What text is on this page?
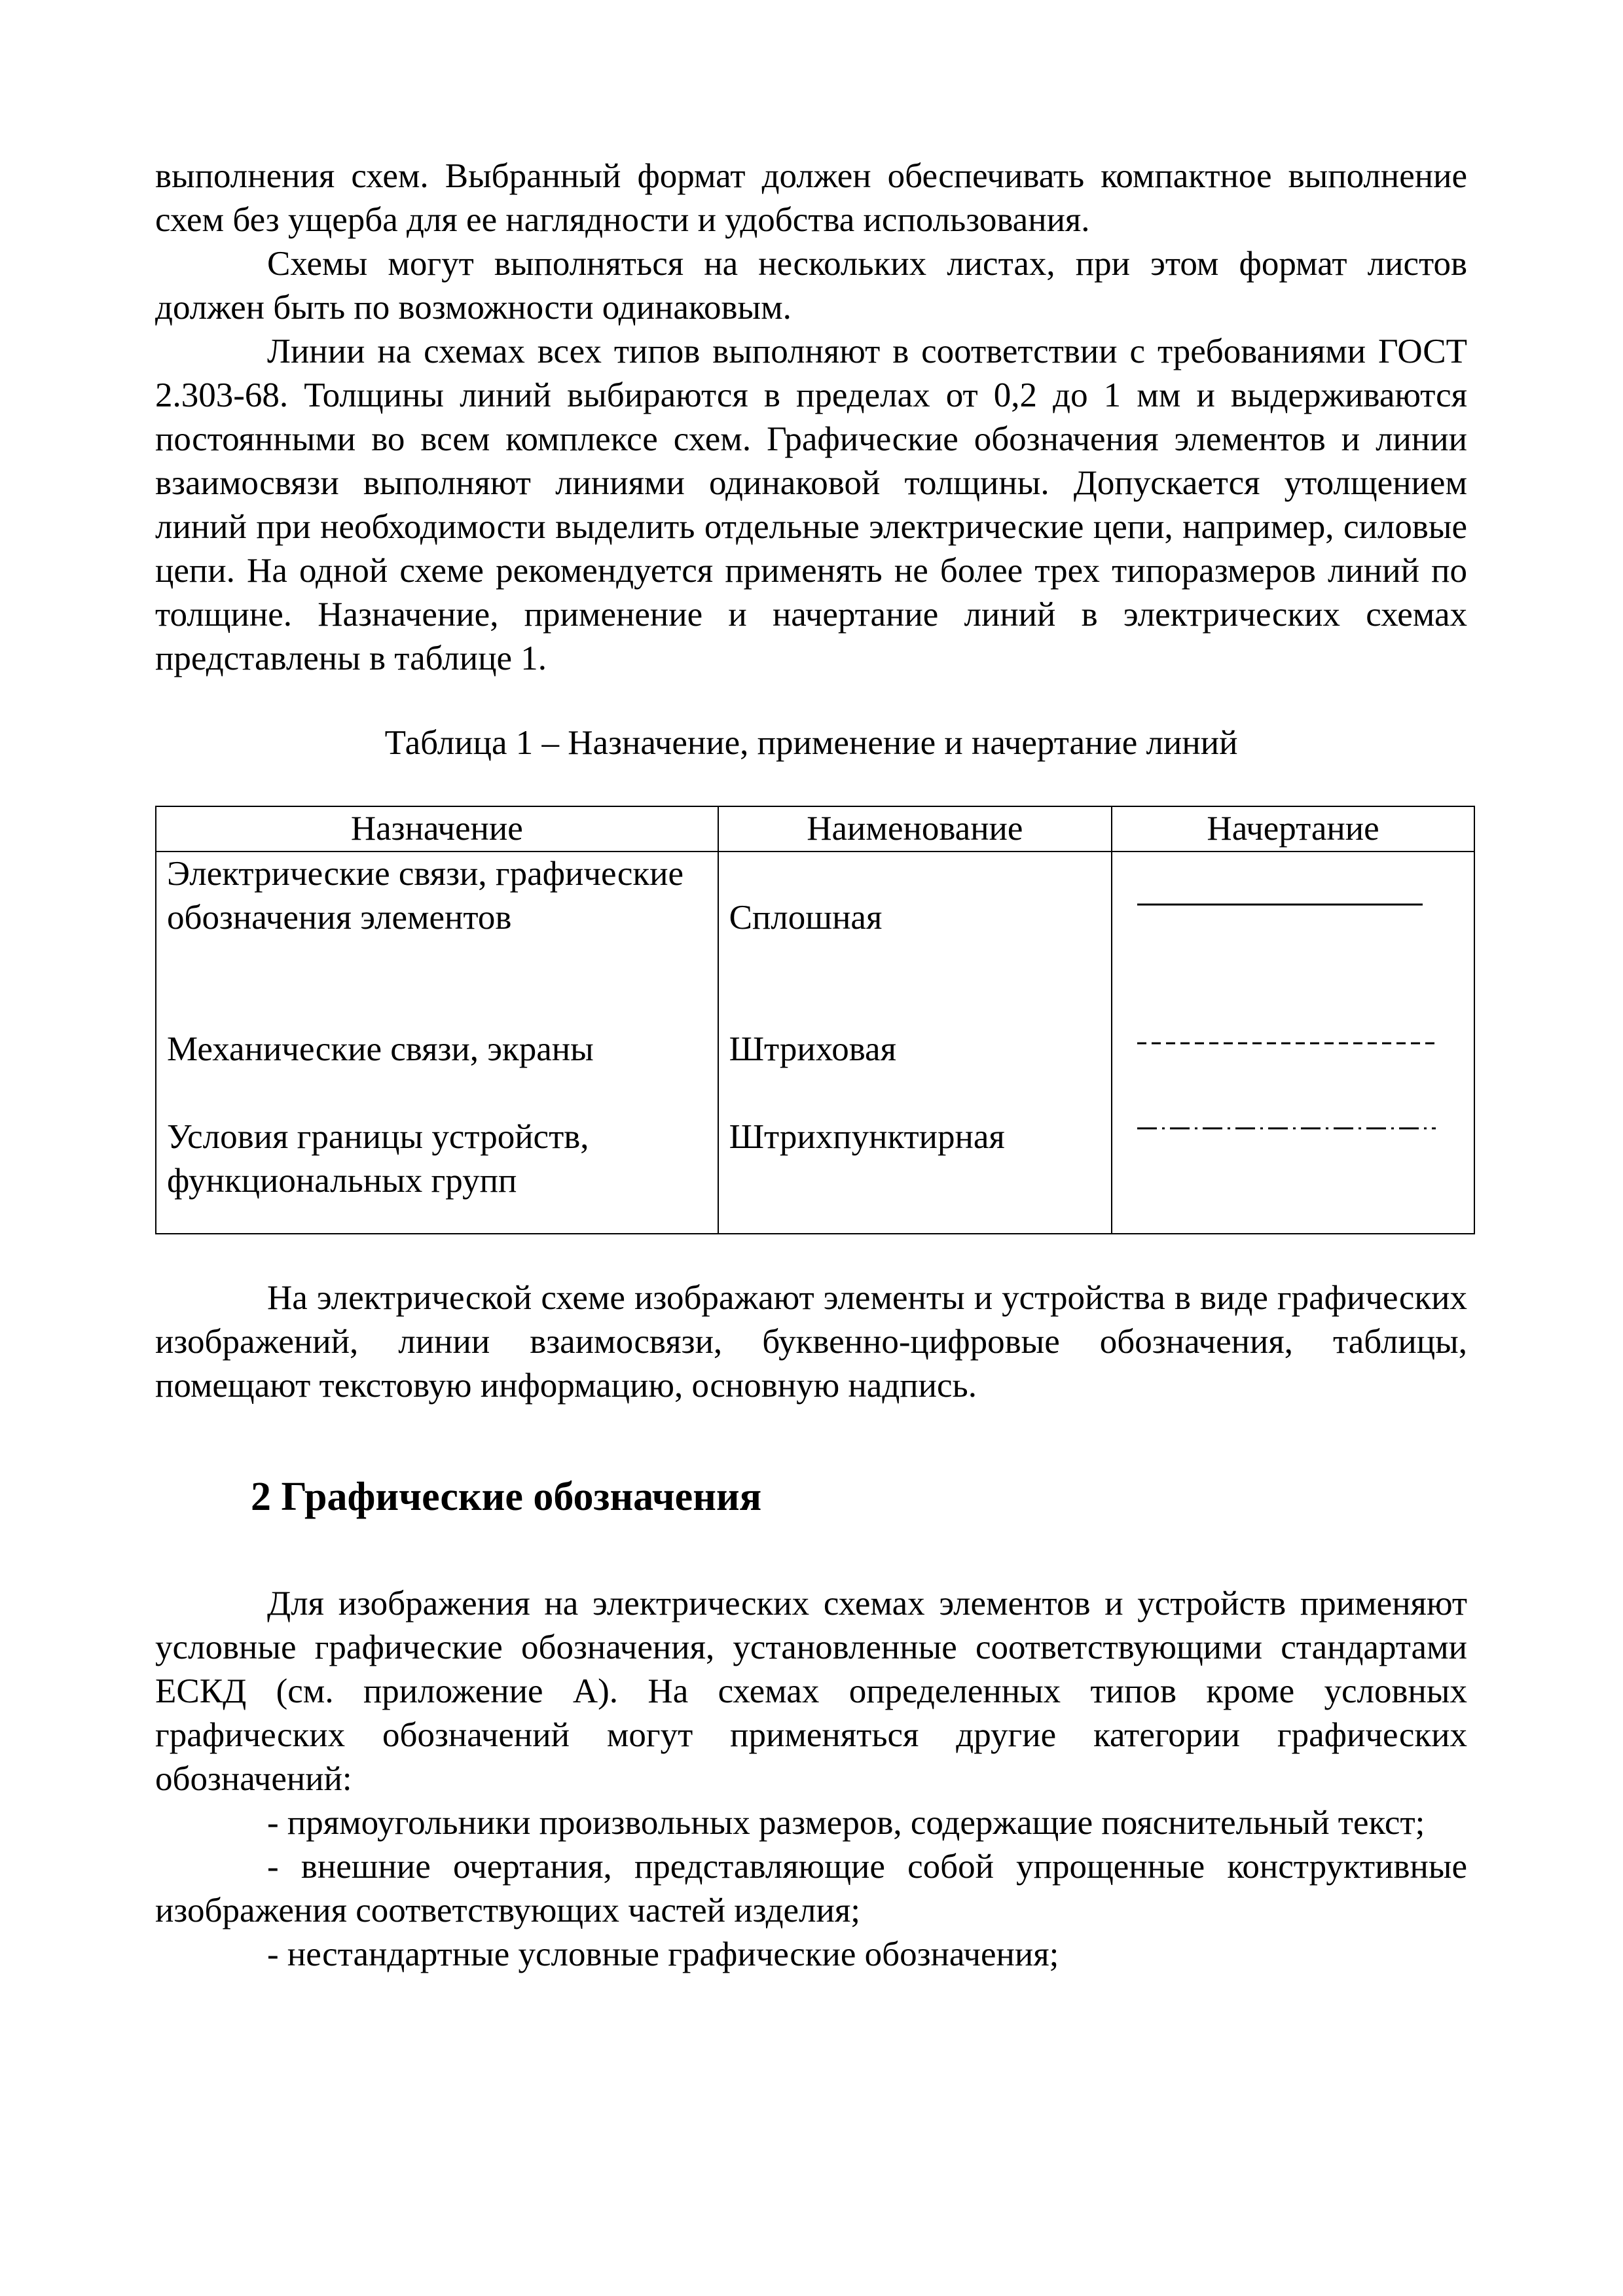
выполнения схем. Выбранный формат должен обеспечивать компактное выполнение схем без ущерба для ее наглядности и удобства использования.

Схемы могут выполняться на нескольких листах, при этом формат листов должен быть по возможности одинаковым.

Линии на схемах всех типов выполняют в соответствии с требованиями ГОСТ 2.303-68. Толщины линий выбираются в пределах от 0,2 до 1 мм и выдерживаются постоянными во всем комплексе схем. Графические обозначения элементов и линии взаимосвязи выполняют линиями одинаковой толщины. Допускается утолщением линий при необходимости выделить отдельные электрические цепи, например, силовые цепи. На одной схеме рекомендуется применять не более трех типоразмеров линий по толщине. Назначение, применение и начертание линий в электрических схемах представлены в таблице 1.

Таблица 1 – Назначение, применение и начертание линий

Назначение	Наименование	Начертание
Электрические связи, графические обозначения элементов	Сплошная	

Механические связи, экраны	Штриховая	

Условия границы устройств, функциональных групп	Штрихпунктирная	

На электрической схеме изображают элементы и устройства в виде графических изображений, линии взаимосвязи, буквенно-цифровые обозначения, таблицы, помещают текстовую информацию, основную надпись.

2 Графические обозначения

Для изображения на электрических схемах элементов и устройств применяют условные графические обозначения, установленные соответствующими стандартами ЕСКД (см. приложение А). На схемах определенных типов кроме условных графических обозначений могут применяться другие категории графических обозначений:

- прямоугольники произвольных размеров, содержащие пояснительный текст;

- внешние очертания, представляющие собой упрощенные конструктивные изображения соответствующих частей изделия;

- нестандартные условные графические обозначения;
